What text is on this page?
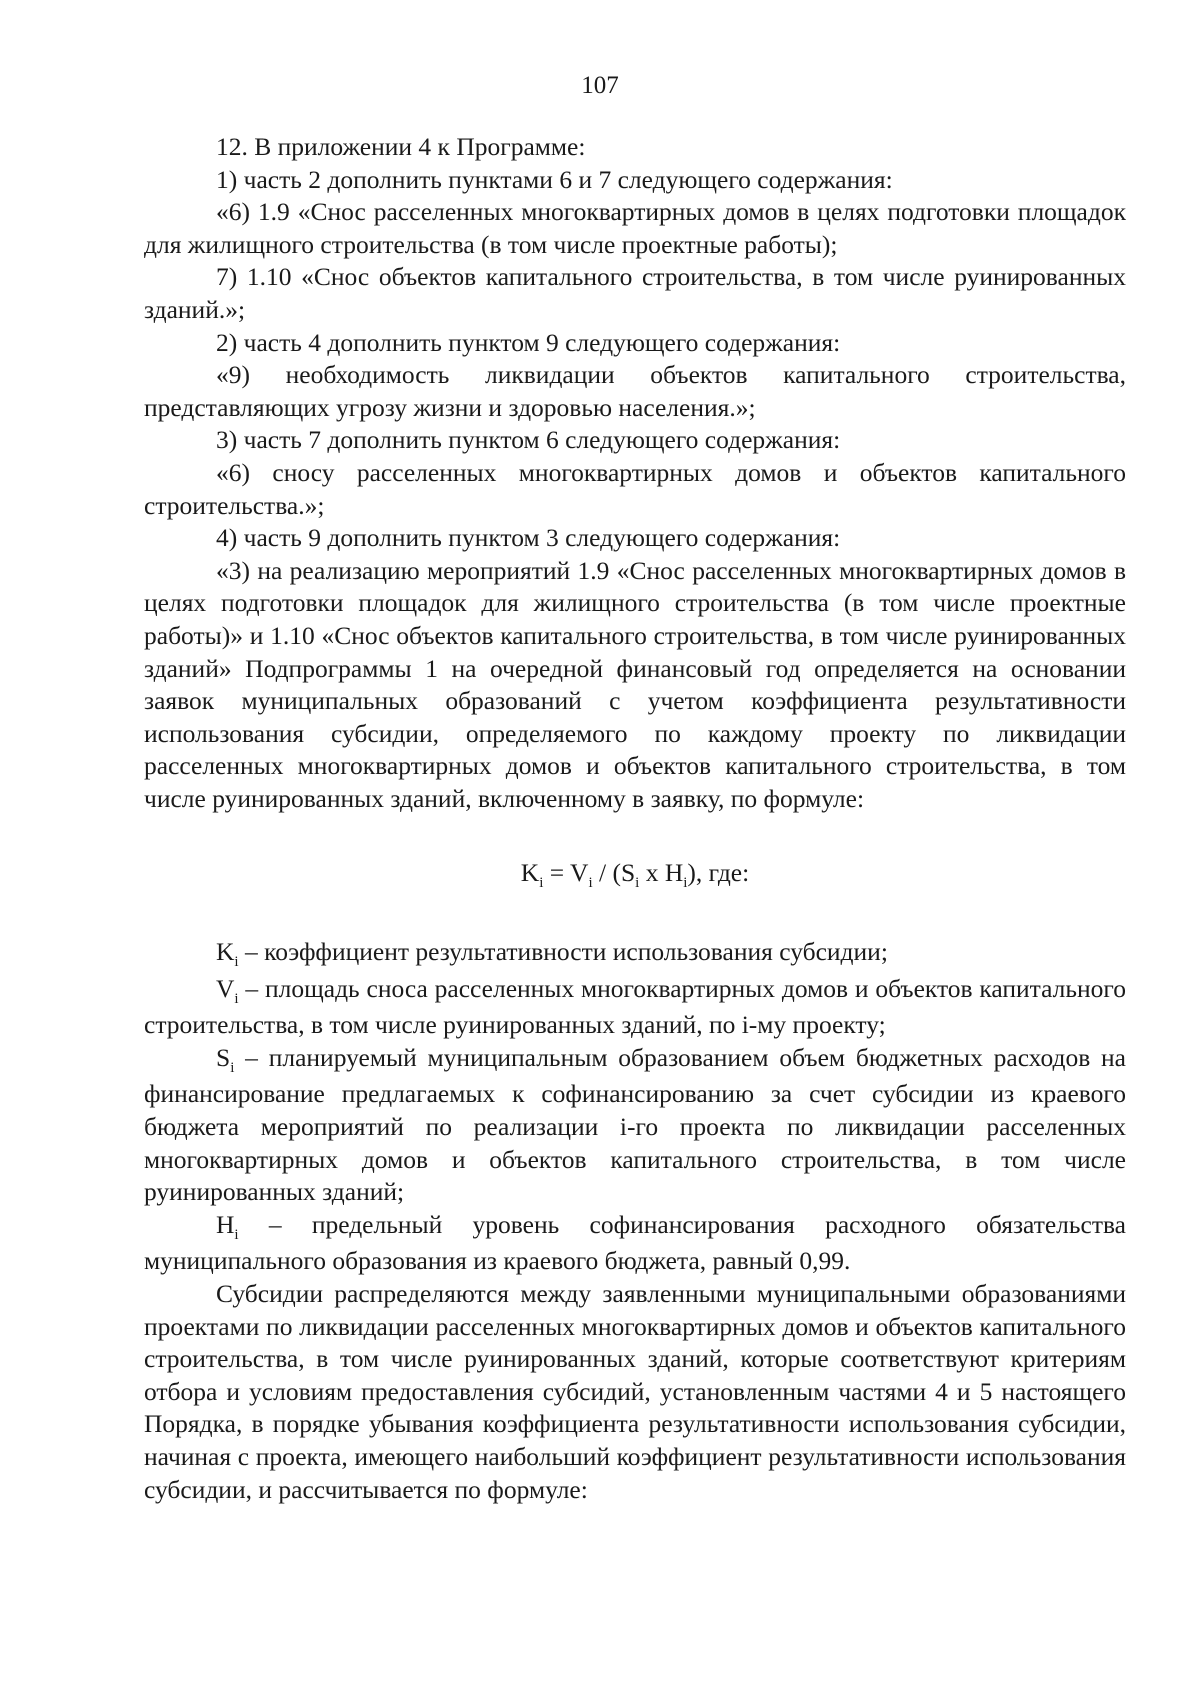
107

12. В приложении 4 к Программе:

1) часть 2 дополнить пунктами 6 и 7 следующего содержания:

«6) 1.9 «Снос расселенных многоквартирных домов в целях подготовки площадок для жилищного строительства (в том числе проектные работы);

7) 1.10 «Снос объектов капитального строительства, в том числе руинированных зданий.»;

2) часть 4 дополнить пунктом 9 следующего содержания:

«9) необходимость ликвидации объектов капитального строительства, представляющих угрозу жизни и здоровью населения.»;

3) часть 7 дополнить пунктом 6 следующего содержания:

«6) сносу расселенных многоквартирных домов и объектов капитального строительства.»;

4) часть 9 дополнить пунктом 3 следующего содержания:

«3) на реализацию мероприятий 1.9 «Снос расселенных многоквартирных домов в целях подготовки площадок для жилищного строительства (в том числе проектные работы)» и 1.10 «Снос объектов капитального строительства, в том числе руинированных зданий» Подпрограммы 1 на очередной финансовый год определяется на основании заявок муниципальных образований с учетом коэффициента результативности использования субсидии, определяемого по каждому проекту по ликвидации расселенных многоквартирных домов и объектов капитального строительства, в том числе руинированных зданий, включенному в заявку, по формуле:

$K_i = V_i / (S_i$ x $H_i$), где:

$K_i$ – коэффициент результативности использования субсидии;

$V_i$ – площадь сноса расселенных многоквартирных домов и объектов капитального строительства, в том числе руинированных зданий, по i-му проекту;

$S_i$ – планируемый муниципальным образованием объем бюджетных расходов на финансирование предлагаемых к софинансированию за счет субсидии из краевого бюджета мероприятий по реализации i-го проекта по ликвидации расселенных многоквартирных домов и объектов капитального строительства, в том числе руинированных зданий;

$H_i$ – предельный уровень софинансирования расходного обязательства муниципального образования из краевого бюджета, равный 0,99.

Субсидии распределяются между заявленными муниципальными образованиями проектами по ликвидации расселенных многоквартирных домов и объектов капитального строительства, в том числе руинированных зданий, которые соответствуют критериям отбора и условиям предоставления субсидий, установленным частями 4 и 5 настоящего Порядка, в порядке убывания коэффициента результативности использования субсидии, начиная с проекта, имеющего наибольший коэффициент результативности использования субсидии, и рассчитывается по формуле:
